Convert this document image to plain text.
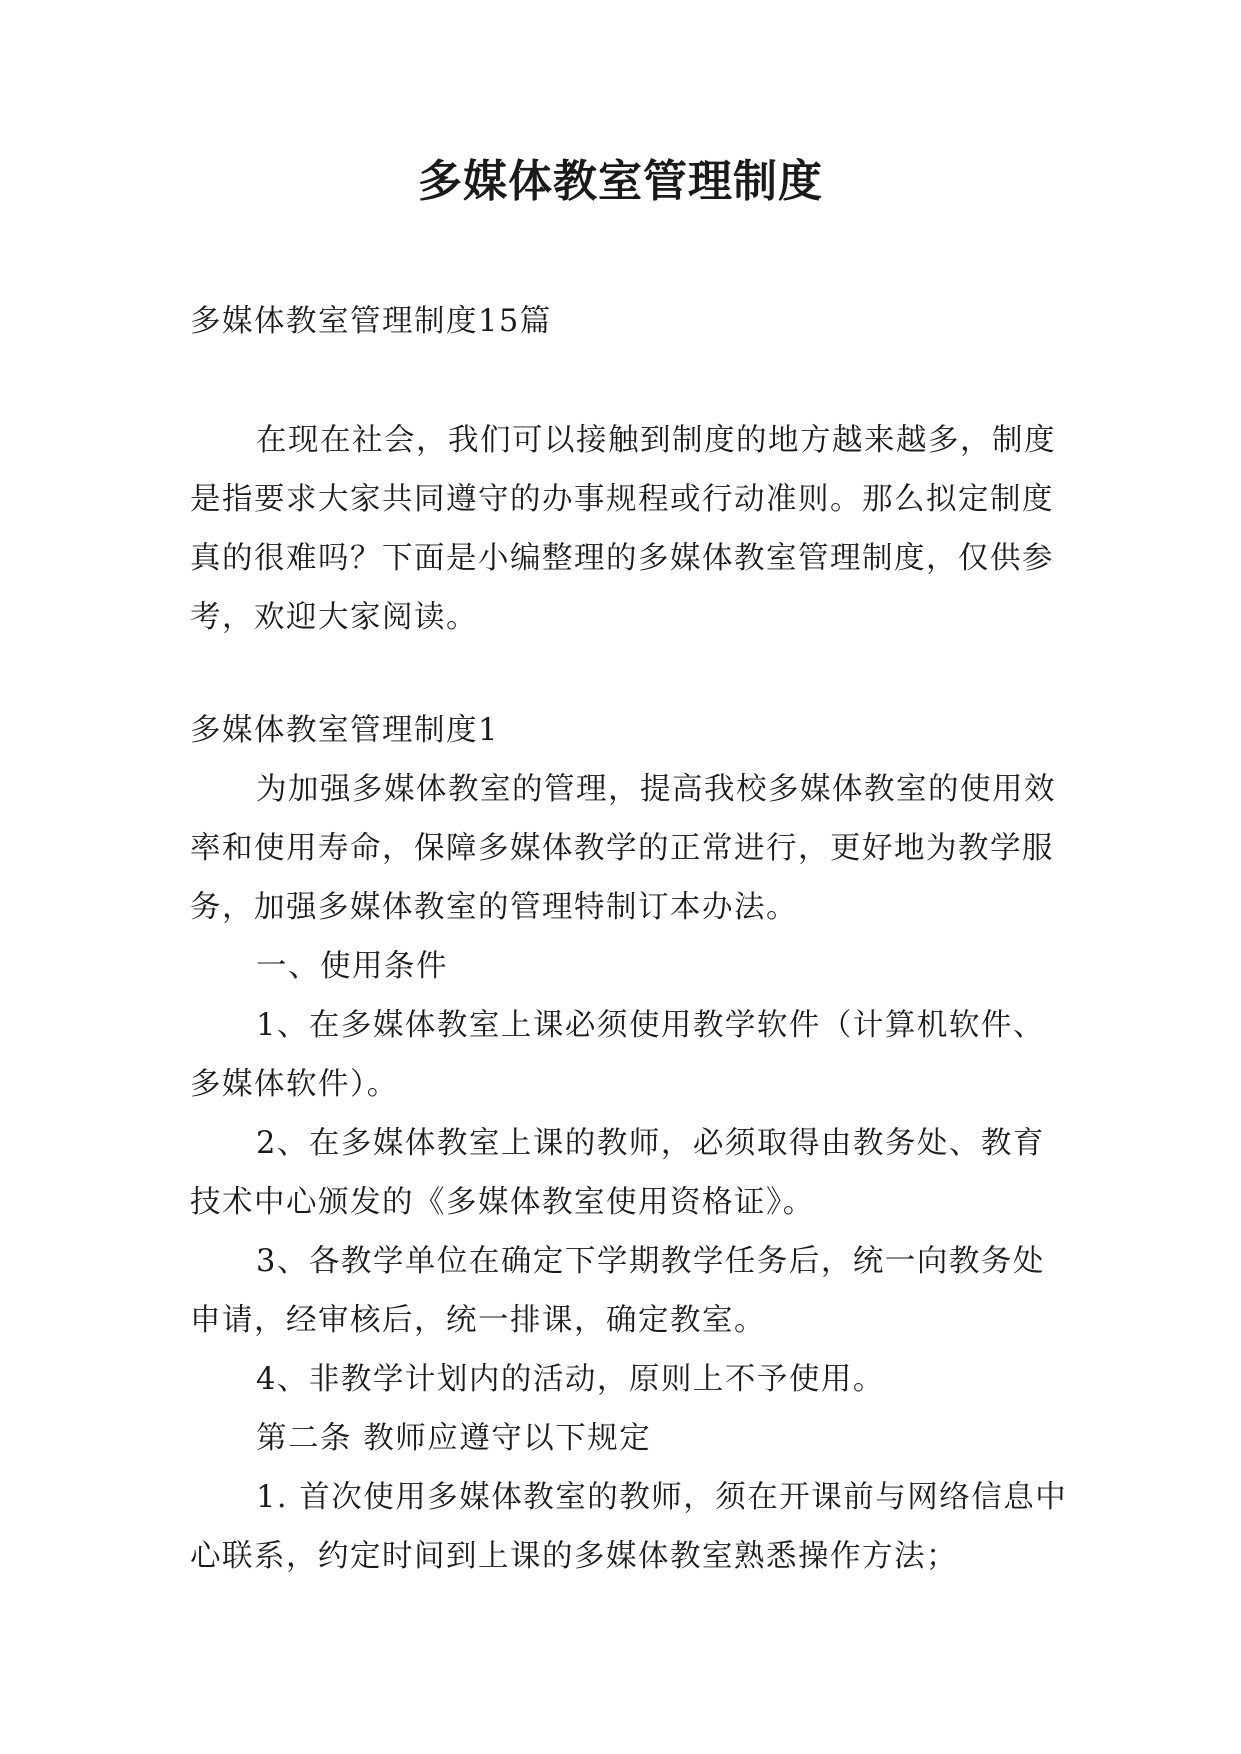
多媒体教室管理制度

多媒体教室管理制度15篇

在现在社会，我们可以接触到制度的地方越来越多，制度是指要求大家共同遵守的办事规程或行动准则。那么拟定制度真的很难吗？下面是小编整理的多媒体教室管理制度，仅供参考，欢迎大家阅读。

多媒体教室管理制度1

为加强多媒体教室的管理，提高我校多媒体教室的使用效率和使用寿命，保障多媒体教学的正常进行，更好地为教学服务，加强多媒体教室的管理特制订本办法。

一、使用条件

1、在多媒体教室上课必须使用教学软件（计算机软件、多媒体软件）。

2、在多媒体教室上课的教师，必须取得由教务处、教育技术中心颁发的《多媒体教室使用资格证》。

3、各教学单位在确定下学期教学任务后，统一向教务处申请，经审核后，统一排课，确定教室。

4、非教学计划内的活动，原则上不予使用。

第二条 教师应遵守以下规定

1. 首次使用多媒体教室的教师，须在开课前与网络信息中心联系，约定时间到上课的多媒体教室熟悉操作方法；
